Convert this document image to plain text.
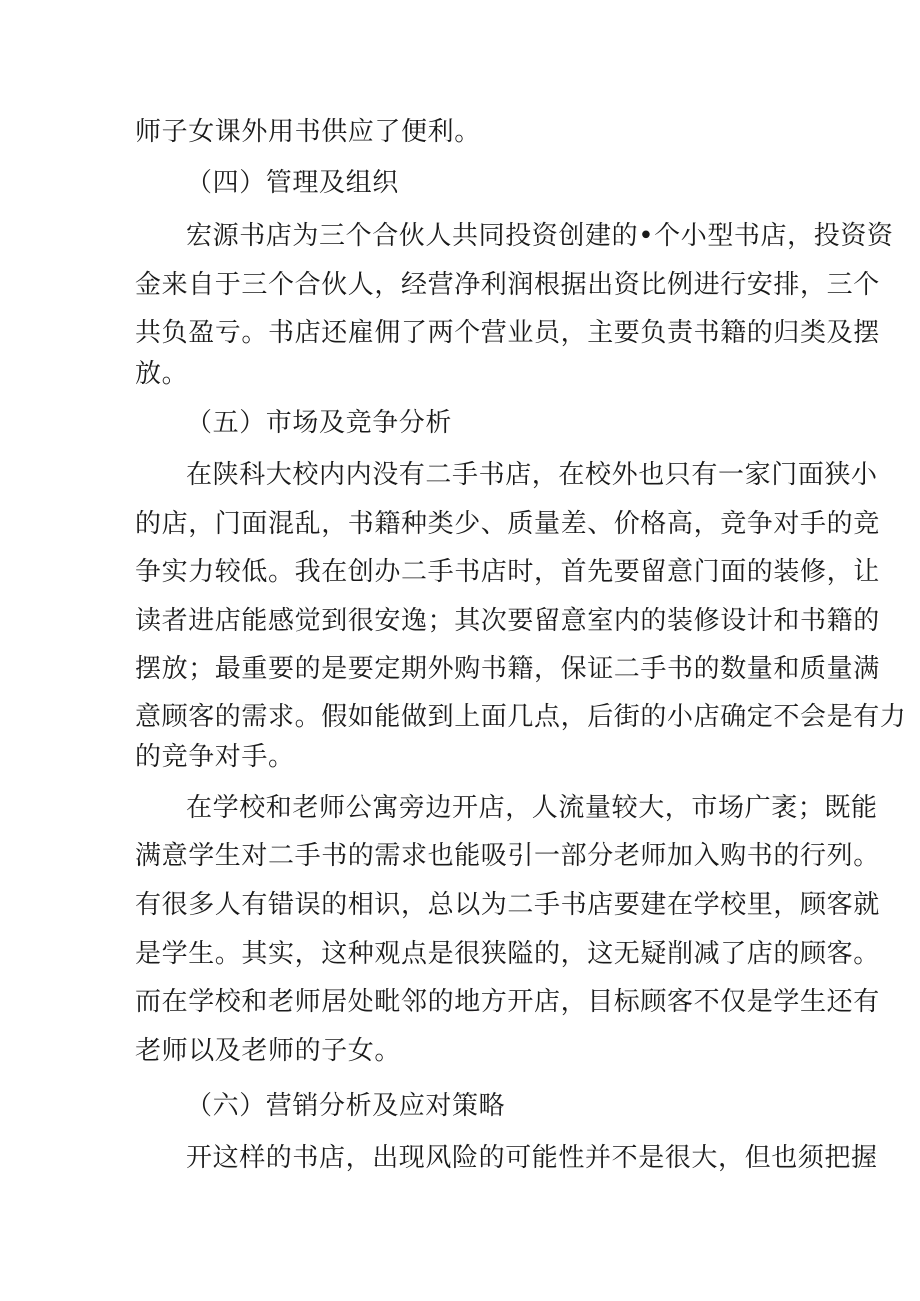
师子女课外用书供应了便利。
（四）管理及组织
宏源书店为三个合伙人共同投资创建的•个小型书店，投资资
金来自于三个合伙人，经营净利润根据出资比例进行安排，三个
共负盈亏。书店还雇佣了两个营业员，主要负责书籍的归类及摆
放。
（五）市场及竞争分析
在陕科大校内内没有二手书店，在校外也只有一家门面狭小
的店，门面混乱，书籍种类少、质量差、价格高，竞争对手的竞
争实力较低。我在创办二手书店时，首先要留意门面的装修，让
读者进店能感觉到很安逸；其次要留意室内的装修设计和书籍的
摆放；最重要的是要定期外购书籍，保证二手书的数量和质量满
意顾客的需求。假如能做到上面几点，后街的小店确定不会是有力
的竞争对手。
在学校和老师公寓旁边开店，人流量较大，市场广袤；既能
满意学生对二手书的需求也能吸引一部分老师加入购书的行列。
有很多人有错误的相识，总以为二手书店要建在学校里，顾客就
是学生。其实，这种观点是很狭隘的，这无疑削减了店的顾客。
而在学校和老师居处毗邻的地方开店，目标顾客不仅是学生还有
老师以及老师的子女。
（六）营销分析及应对策略
开这样的书店，出现风险的可能性并不是很大，但也须把握
